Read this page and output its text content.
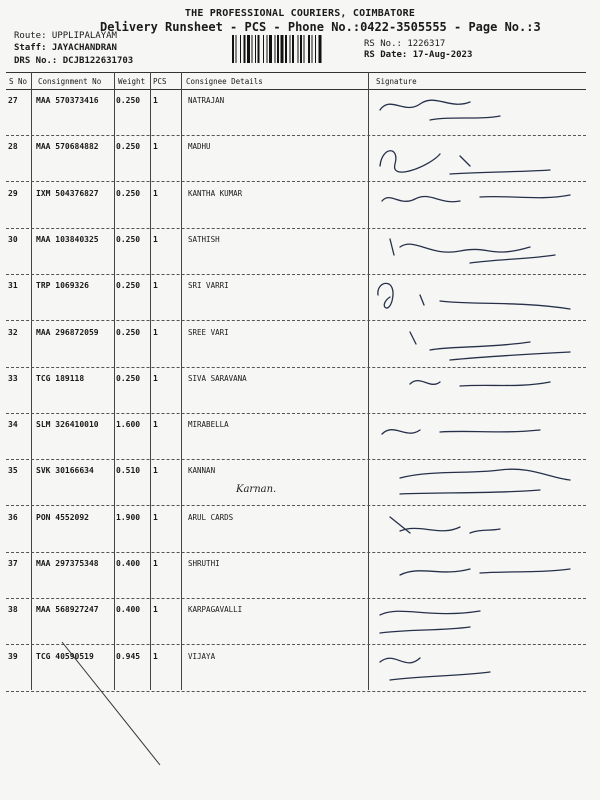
THE PROFESSIONAL COURIERS, COIMBATORE
Delivery Runsheet - PCS - Phone No.:0422-3505555 - Page No.:3
Route: UPPLIPALAYAM
Staff: JAYACHANDRAN
DRS No.: DCJB122631703
RS No.: 1226317
RS Date: 17-Aug-2023
S No Consignment No Weight PCS	Consignee Details	Signature
27 MAA 570373416 0.250 1	NATRAJAN
28 MAA 570684882 0.250 1	MADHU
29 IXM 504376827 0.250 1	KANTHA KUMAR
30 MAA 103840325 0.250 1	SATHISH
31 TRP 1069326	0.250 1	SRI VARRI
32 MAA 296872059 0.250 1	SREE VARI
33 TCG 189118	0.250 1	SIVA SARAVANA
34 SLM 326410010 1.600 1	MIRABELLA
35 SVK 30166634	0.510 1	KANNAN
Karnan.
36 PON 4552092	1.900 1	ARUL CARDS
37 MAA 297375348 0.400 1	SHRUTHI
38 MAA 568927247 0.400 1	KARPAGAVALLI
39 TCG 40590519	0.945 1	VIJAYA
